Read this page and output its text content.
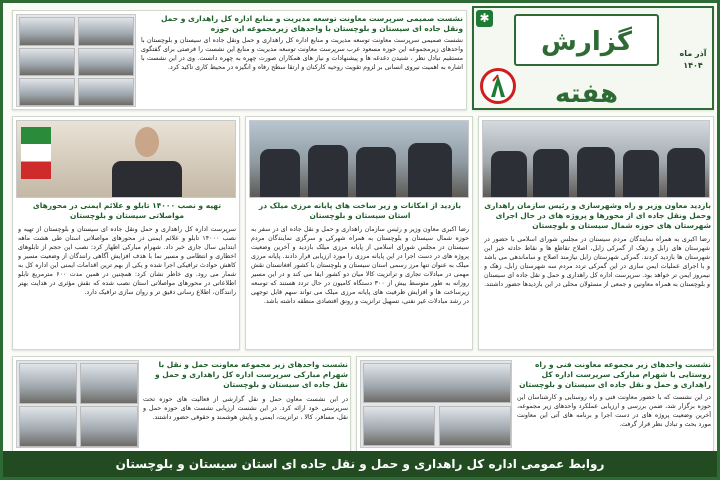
✱
گزارش هفته
آذر ماه ۱۴۰۴
نشست صمیمی سرپرست معاونت توسعه مدیریت و منابع اداره کل راهداری و حمل ونقل جاده ای سیستان و بلوچستان با واحدهای زیرمجموعه این حوزه
نشست صمیمی سرپرست معاونت توسعه مدیریت و منابع اداره کل راهداری و حمل ونقل جاده ای سیستان و بلوچستان با واحدهای زیرمجموعه این حوزه مسعود عرب سرپرست معاونت توسعه مدیریت و منابع این نشست را فرصتی برای گفتگوی مستقیم تبادل نظر ، شنیدن دغدغه ها و پیشنهادات و نیاز های همکاران صورت چهره به چهره دانست. وی در این نشست با اشاره به اهمیت نیروی انسانی بر لزوم تقویت روحیه کارکنان و ارتقا سطح رفاه و انگیزه در محیط کاری تاکید کرد.
تهیه و نصب ۱۴۰۰۰ تابلو و علائم ایمنی در محورهای مواصلاتی سیستان و بلوچستان
سرپرست اداره کل راهداری و حمل ونقل جاده ای سیستان و بلوچستان از تهیه و نصب ۱۴۰۰۰ تابلو و علائم ایمنی در محورهای مواصلاتی استان طی هشت ماهه ابتدایی سال جاری خبر داد. شهرام مبارکی اظهار کرد: نصب این حجم از تابلوهای اخطاری و انتظامی و مسیر نما با هدف افزایش آگاهی رانندگان از وضعیت مسیر و کاهش حوادث ترافیکی اجرا شده و یکی از بهم ترین اقدامات ایمنی این اداره کل به شمار می رود. وی خاطر نشان کرد: همچنین در همین مدت ۶۰۰ مترمربع تابلو اطلاعاتی در محورهای مواصلاتی استان نصب شده که نقش مؤثری در هدایت بهتر رانندگان، اطلاع رسانی دقیق تر و روان سازی ترافیک دارد.
بازدید از امکانات و زیر ساخت های پایانه مرزی میلک در استان سیستان و بلوچستان
رضا اکبری معاون وزیر و رئیس سازمان راهداری و حمل و نقل جاده ای در سفر به حوزه شمال سیستان و بلوچستان به همراه شهرکی و سرگزی نمایندگان مردم سیستان در مجلس شورای اسلامی از پایانه مرزی میلک بازدید و آخرین وضعیت پروژه های در دست اجرا در این پایانه مرزی را مورد ارزیابی قرار دادند. پایانه مرزی میلک به عنوان تنها مرز رسمی استان سیستان و بلوچستان با کشور افغانستان نقش مهمی در مبادلات تجاری و ترانزیت کالا میان دو کشور ایفا می کند و در این مسیر روزانه به طور متوسط بیش از ۳۰۰ دستگاه کامیون در حال تردد هستند که توسعه زیرساخت ها و افزایش ظرفیت های پایانه مرزی میلک می تواند سهم قابل توجهی در رشد مبادلات غیر نفتی، تسهیل ترانزیت و رونق اقتصادی منطقه داشته باشد.
بازدید معاون وزیر و راه وشهرسازی و رئیس سازمان راهداری وحمل ونقل جاده ای از محورها و پروژه های در حال اجرای شهرستان های حوزه شمال سیستان و بلوچستان
رضا اکبری به همراه نمایندگان مردم سیستان در مجلس شورای اسلامی با حضور در شهرستان های زابل و زهک از گمرکی زابل، اصلاح تقاطع ها و نقاط حادثه خیز این شهرستان ها بازدید کردند. گمرکی شهرستان زابل نیازمند اصلاح و ساماندهی می باشد و با اجرای عملیات ایمن سازی در این گمرکی تردد مردم سه شهرستان زابل، زهک و نیمروز ایمن تر خواهد بود. سرپرست اداره کل راهداری و حمل و نقل جاده ای سیستان و بلوچستان به همراه معاونین و جمعی از مسئولان محلی در این بازدیدها حضور داشتند.
نشست واحدهای زیر مجموعه معاونت فنی و راه روستایی با شهرام مبارکی سرپرست اداره کل راهداری و حمل و نقل جاده ای سیستان و بلوچستان
در این نشست که با حضور معاونت فنی و راه روستایی و کارشناسان این حوزه برگزار شد، ضمن بررسی و ارزیابی عملکرد واحدهای زیر مجموعه، آخرین وضعیت پروژه های در دست اجرا و برنامه های آتی این معاونت مورد بحث و تبادل نظر قرار گرفت.
نشست واحدهای زیر مجموعه معاونت حمل و نقل با شهرام مبارکی سرپرست اداره کل راهداری و حمل و نقل جاده ای سیستان و بلوچستان
در این نشست معاون حمل و نقل گزارشی از فعالیت های حوزه تحت سرپرستی خود ارائه کرد. در این نشست ارزیابی نشست های حوزه حمل و نقل، مسافر، کالا ، ترانزیت، ایمنی و پایش هوشمند و حقوقی حضور داشتند.
روابط عمومی اداره کل راهداری و حمل و نقل جاده ای استان سیستان و بلوچستان
